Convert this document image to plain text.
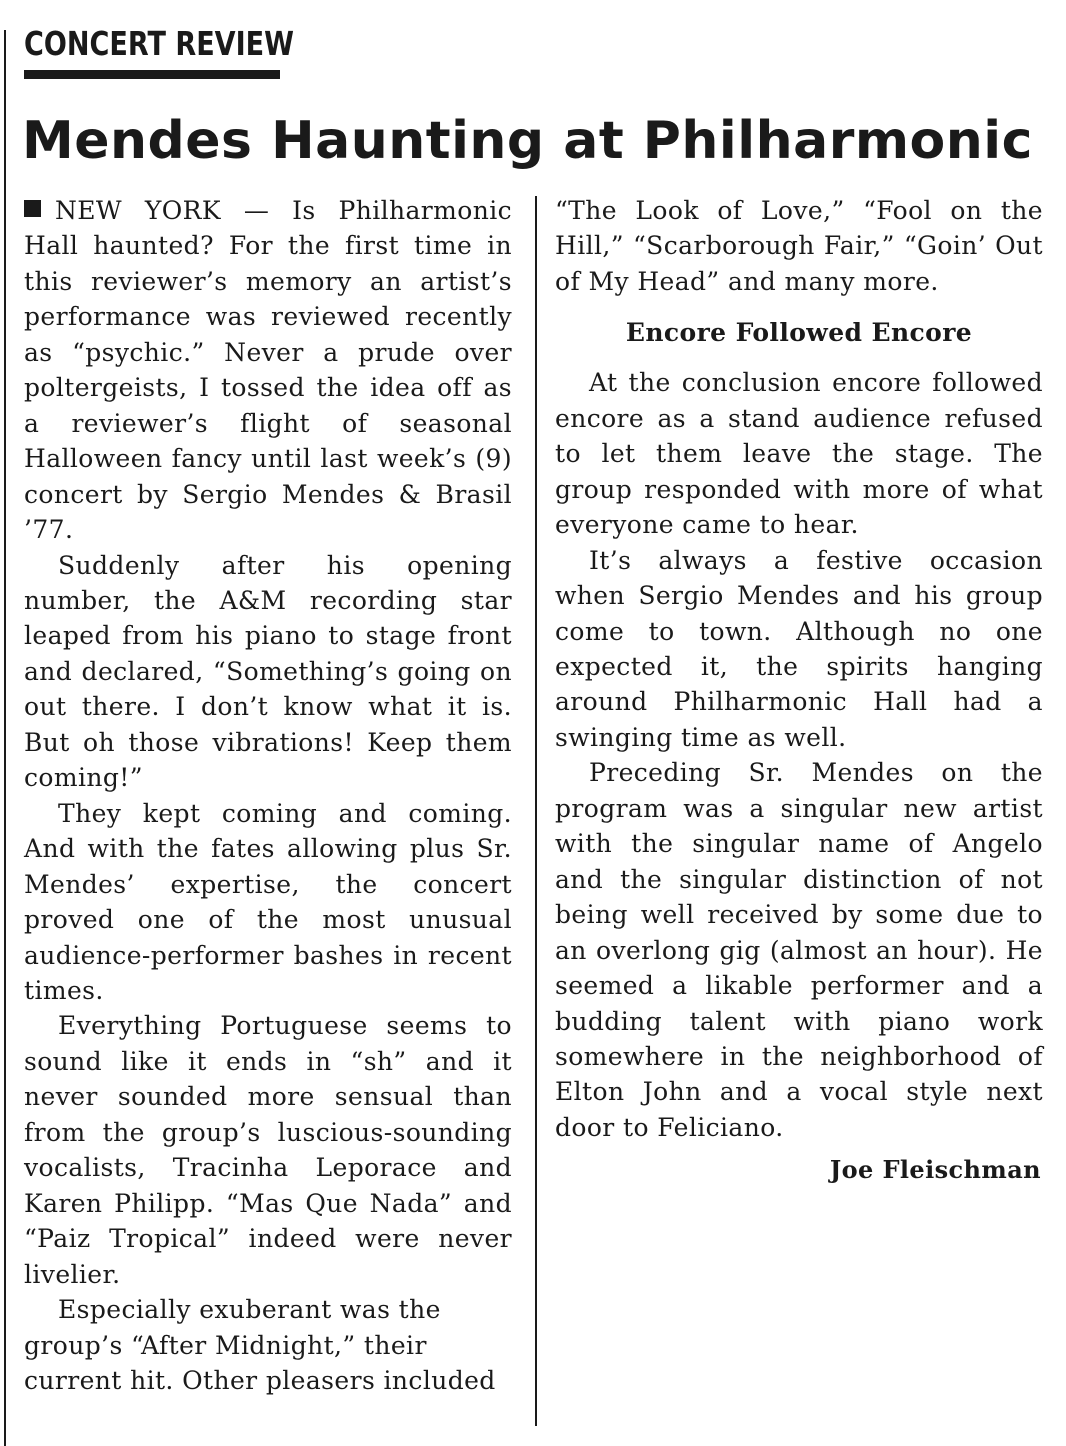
CONCERT REVIEW
Mendes Haunting at Philharmonic

NEW YORK — Is Philharmonic Hall haunted? For the first time in this reviewer’s memory an artist’s performance was reviewed recently as “psychic.” Never a prude over poltergeists, I tossed the idea off as a reviewer’s flight of seasonal Halloween fancy until last week’s (9) concert by Sergio Mendes & Brasil ’77.

Suddenly after his opening number, the A&M recording star leaped from his piano to stage front and declared, “Something’s going on out there. I don’t know what it is. But oh those vibrations! Keep them coming!”

They kept coming and coming. And with the fates allowing plus Sr. Mendes’ expertise, the concert proved one of the most unusual audience-performer bashes in recent times.

Everything Portuguese seems to sound like it ends in “sh” and it never sounded more sensual than from the group’s luscious-sounding vocalists, Tracinha Leporace and Karen Philipp. “Mas Que Nada” and “Paiz Tropical” indeed were never livelier.

Especially exuberant was the group’s “After Midnight,” their current hit. Other pleasers included

“The Look of Love,” “Fool on the Hill,” “Scarborough Fair,” “Goin’ Out of My Head” and many more.

Encore Followed Encore

At the conclusion encore followed encore as a stand audience refused to let them leave the stage. The group responded with more of what everyone came to hear.

It’s always a festive occasion when Sergio Mendes and his group come to town. Although no one expected it, the spirits hanging around Philharmonic Hall had a swinging time as well.

Preceding Sr. Mendes on the program was a singular new artist with the singular name of Angelo and the singular distinction of not being well received by some due to an overlong gig (almost an hour). He seemed a likable performer and a budding talent with piano work somewhere in the neighborhood of Elton John and a vocal style next door to Feliciano.

Joe Fleischman
